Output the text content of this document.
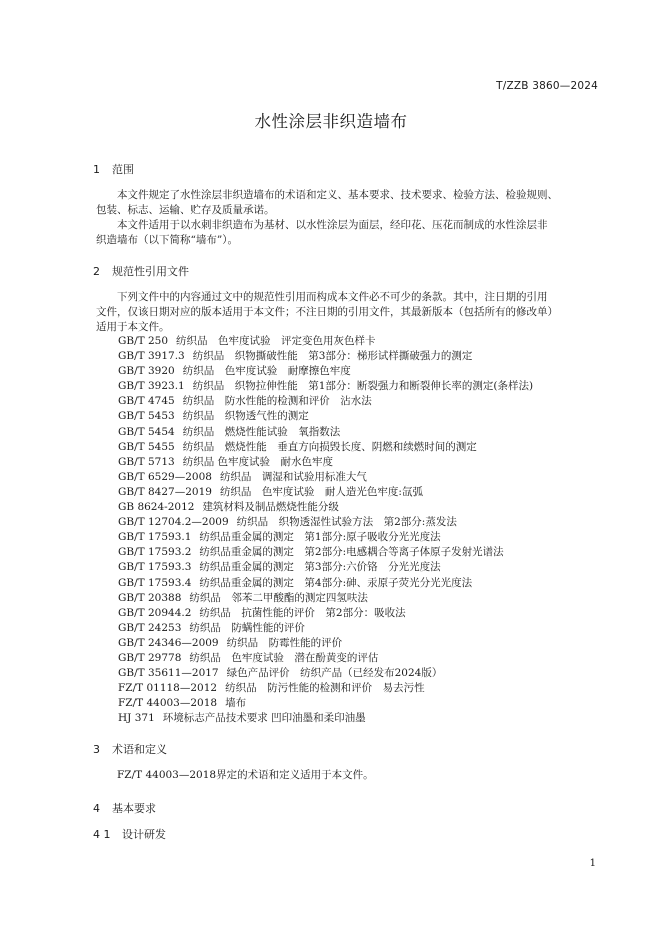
T/ZZB 3860—2024
水性涂层非织造墙布
1 范围
本文件规定了水性涂层非织造墙布的术语和定义、基本要求、技术要求、检验方法、检验规则、
包装、标志、运输、贮存及质量承诺。
本文件适用于以水刺非织造布为基材、以水性涂层为面层，经印花、压花而制成的水性涂层非
织造墙布（以下简称“墙布”）。
2 规范性引用文件
下列文件中的内容通过文中的规范性引用而构成本文件必不可少的条款。其中，注日期的引用
文件，仅该日期对应的版本适用于本文件；不注日期的引用文件，其最新版本（包括所有的修改单）
适用于本文件。
GB/T 250 纺织品　色牢度试验　评定变色用灰色样卡
GB/T 3917.3 纺织品　织物撕破性能　第3部分：梯形试样撕破强力的测定
GB/T 3920 纺织品　色牢度试验　耐摩擦色牢度
GB/T 3923.1 纺织品　织物拉伸性能　第1部分：断裂强力和断裂伸长率的测定(条样法)
GB/T 4745 纺织品　防水性能的检测和评价　沾水法
GB/T 5453 纺织品　织物透气性的测定
GB/T 5454 纺织品　燃烧性能试验　氧指数法
GB/T 5455 纺织品　燃烧性能　垂直方向损毁长度、阴燃和续燃时间的测定
GB/T 5713 纺织品 色牢度试验　耐水色牢度
GB/T 6529—2008 纺织品　调湿和试验用标准大气
GB/T 8427—2019 纺织品　色牢度试验　耐人造光色牢度:氙弧
GB 8624-2012 建筑材料及制品燃烧性能分级
GB/T 12704.2—2009 纺织品　织物透湿性试验方法　第2部分:蒸发法
GB/T 17593.1 纺织品重金属的测定　第1部分:原子吸收分光光度法
GB/T 17593.2 纺织品重金属的测定　第2部分:电感耦合等离子体原子发射光谱法
GB/T 17593.3 纺织品重金属的测定　第3部分:六价铬　分光光度法
GB/T 17593.4 纺织品重金属的测定　第4部分:砷、汞原子荧光分光光度法
GB/T 20388 纺织品　邻苯二甲酸酯的测定四氢呋法
GB/T 20944.2 纺织品　抗菌性能的评价　第2部分：吸收法
GB/T 24253 纺织品　防螨性能的评价
GB/T 24346—2009 纺织品　防霉性能的评价
GB/T 29778 纺织品　色牢度试验　潜在酚黄变的评估
GB/T 35611—2017 绿色产品评价　纺织产品（已经发布2024版）
FZ/T 01118—2012 纺织品　防污性能的检测和评价　易去污性
FZ/T 44003—2018 墙布
HJ 371 环境标志产品技术要求 凹印油墨和柔印油墨
3 术语和定义
FZ/T 44003—2018界定的术语和定义适用于本文件。
4 基本要求
4 1 设计研发
1
